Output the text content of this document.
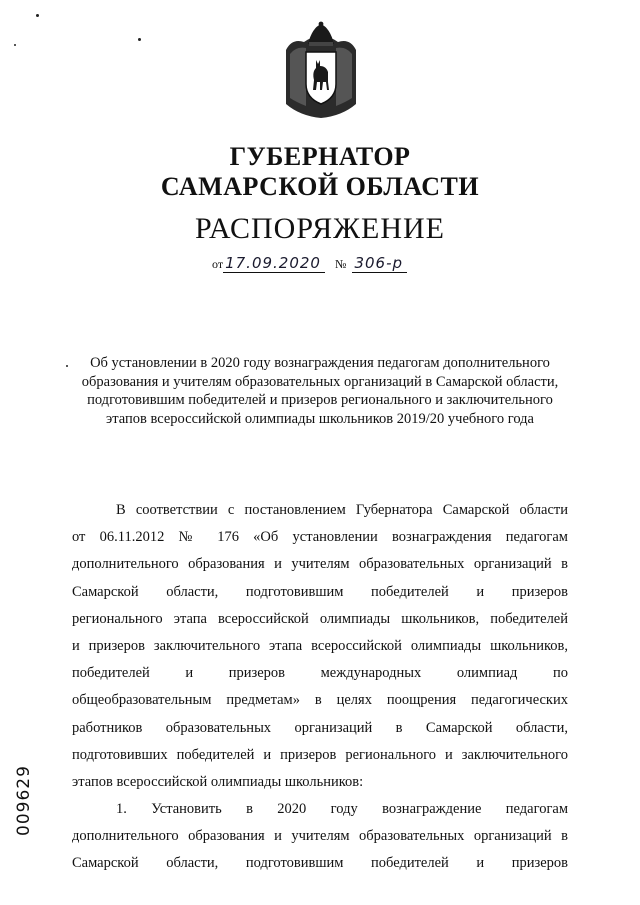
ГУБЕРНАТОР
САМАРСКОЙ ОБЛАСТИ
РАСПОРЯЖЕНИЕ
от 17.09.2020 № 306-р
Об установлении в 2020 году вознаграждения педагогам дополнительного
образования и учителям образовательных организаций в Самарской области,
подготовившим победителей и призеров регионального и заключительного
этапов всероссийской олимпиады школьников 2019/20 учебного года
В соответствии с постановлением Губернатора Самарской области
от 06.11.2012 № 176 «Об установлении вознаграждения педагогам
дополнительного образования и учителям образовательных организаций в
Самарской области, подготовившим победителей и призеров
регионального этапа всероссийской олимпиады школьников, победителей
и призеров заключительного этапа всероссийской олимпиады школьников,
победителей и призеров международных олимпиад по
общеобразовательным предметам» в целях поощрения педагогических
работников образовательных организаций в Самарской области,
подготовивших победителей и призеров регионального и заключительного
этапов всероссийской олимпиады школьников:
1. Установить в 2020 году вознаграждение педагогам
дополнительного образования и учителям образовательных организаций в
Самарской области, подготовившим победителей и призеров
009629
